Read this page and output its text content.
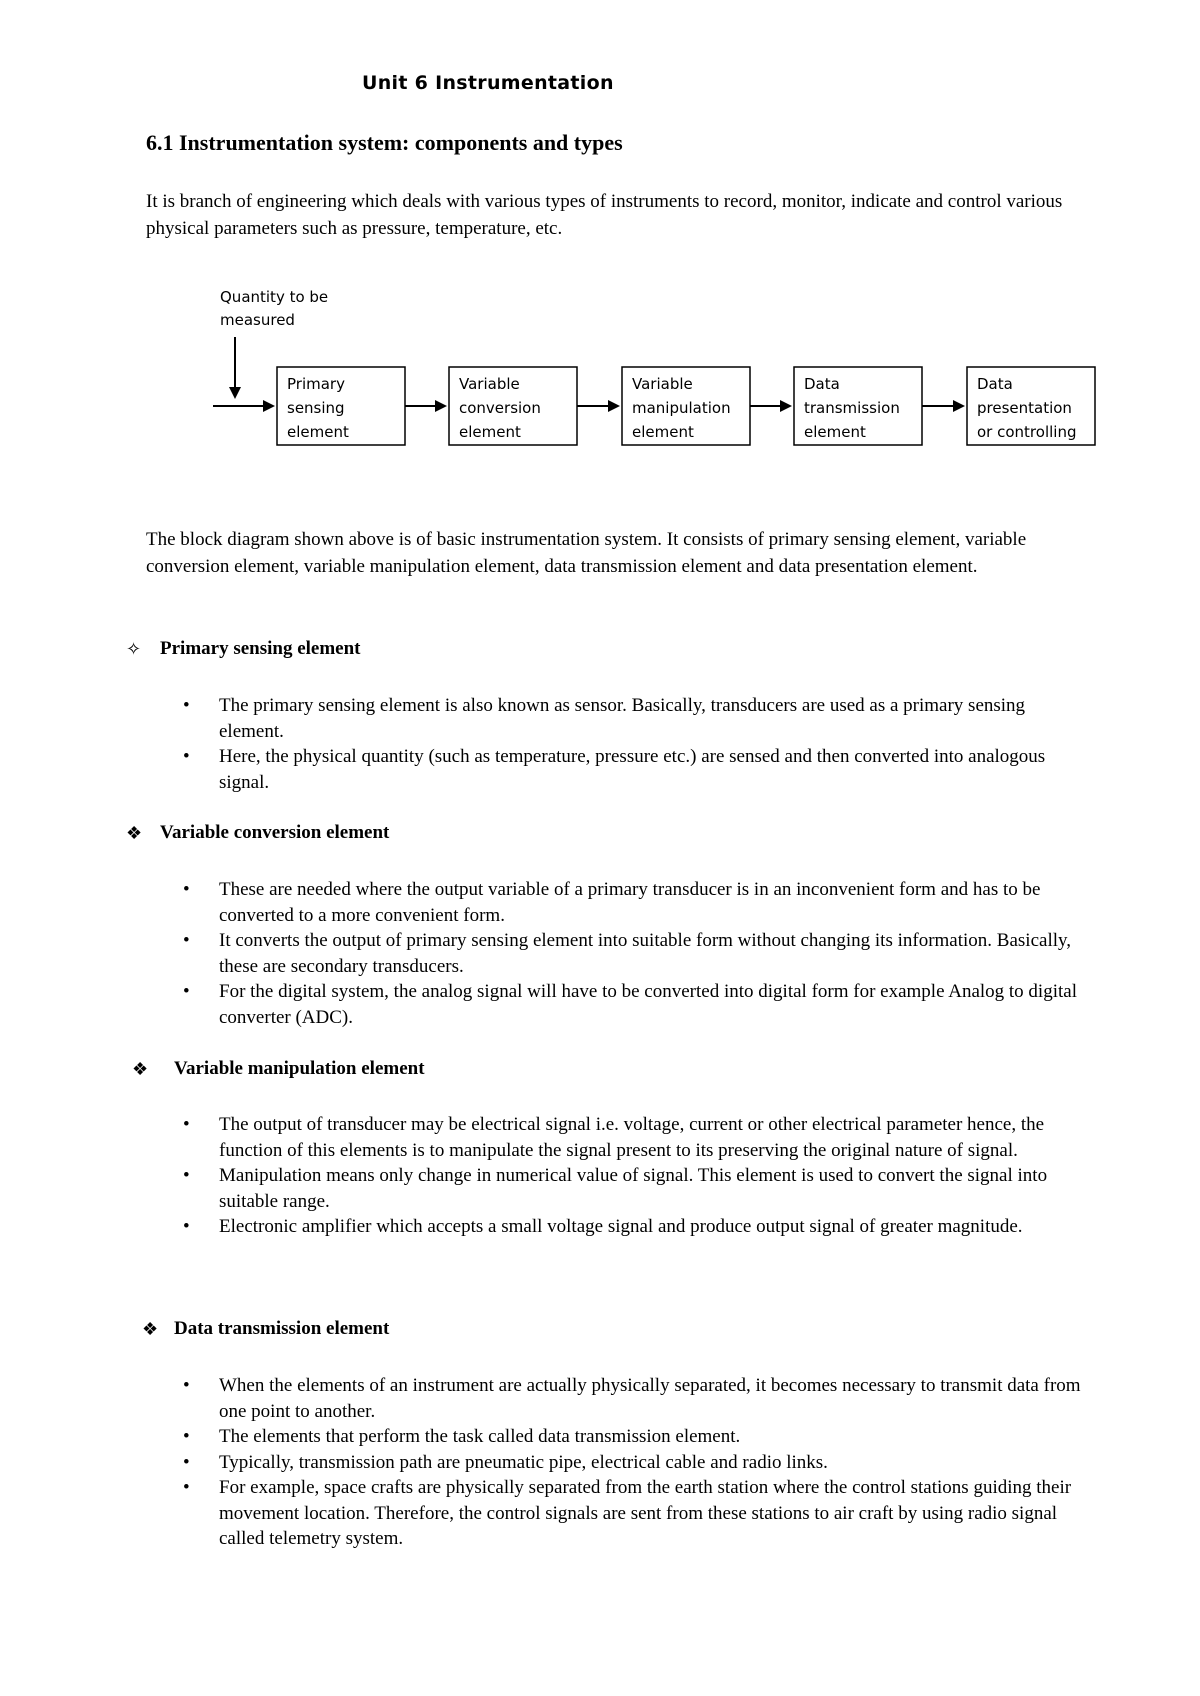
Unit 6 Instrumentation
6.1 Instrumentation system: components and types

It is branch of engineering which deals with various types of instruments to record, monitor, indicate and control various physical parameters such as pressure, temperature, etc.

Quantity to be
measured
Primary
sensing
element
Variable
conversion
element
Variable
manipulation
element
Data
transmission
element
Data
presentation
or controlling

The block diagram shown above is of basic instrumentation system. It consists of primary sensing element, variable conversion element, variable manipulation element, data transmission element and data presentation element.

✧ Primary sensing element
• The primary sensing element is also known as sensor. Basically, transducers are used as a primary sensing element.
• Here, the physical quantity (such as temperature, pressure etc.) are sensed and then converted into analogous signal.
❖ Variable conversion element
• These are needed where the output variable of a primary transducer is in an inconvenient form and has to be converted to a more convenient form.
• It converts the output of primary sensing element into suitable form without changing its information. Basically, these are secondary transducers.
• For the digital system, the analog signal will have to be converted into digital form for example Analog to digital converter (ADC).
❖	Variable manipulation element
• The output of transducer may be electrical signal i.e. voltage, current or other electrical parameter hence, the function of this elements is to manipulate the signal present to its preserving the original nature of signal.
• Manipulation means only change in numerical value of signal. This element is used to convert the signal into suitable range.
• Electronic amplifier which accepts a small voltage signal and produce output signal of greater magnitude.
❖ Data transmission element
• When the elements of an instrument are actually physically separated, it becomes necessary to transmit data from one point to another.
• The elements that perform the task called data transmission element.
• Typically, transmission path are pneumatic pipe, electrical cable and radio links.
• For example, space crafts are physically separated from the earth station where the control stations guiding their movement location. Therefore, the control signals are sent from these stations to air craft by using radio signal called telemetry system.
